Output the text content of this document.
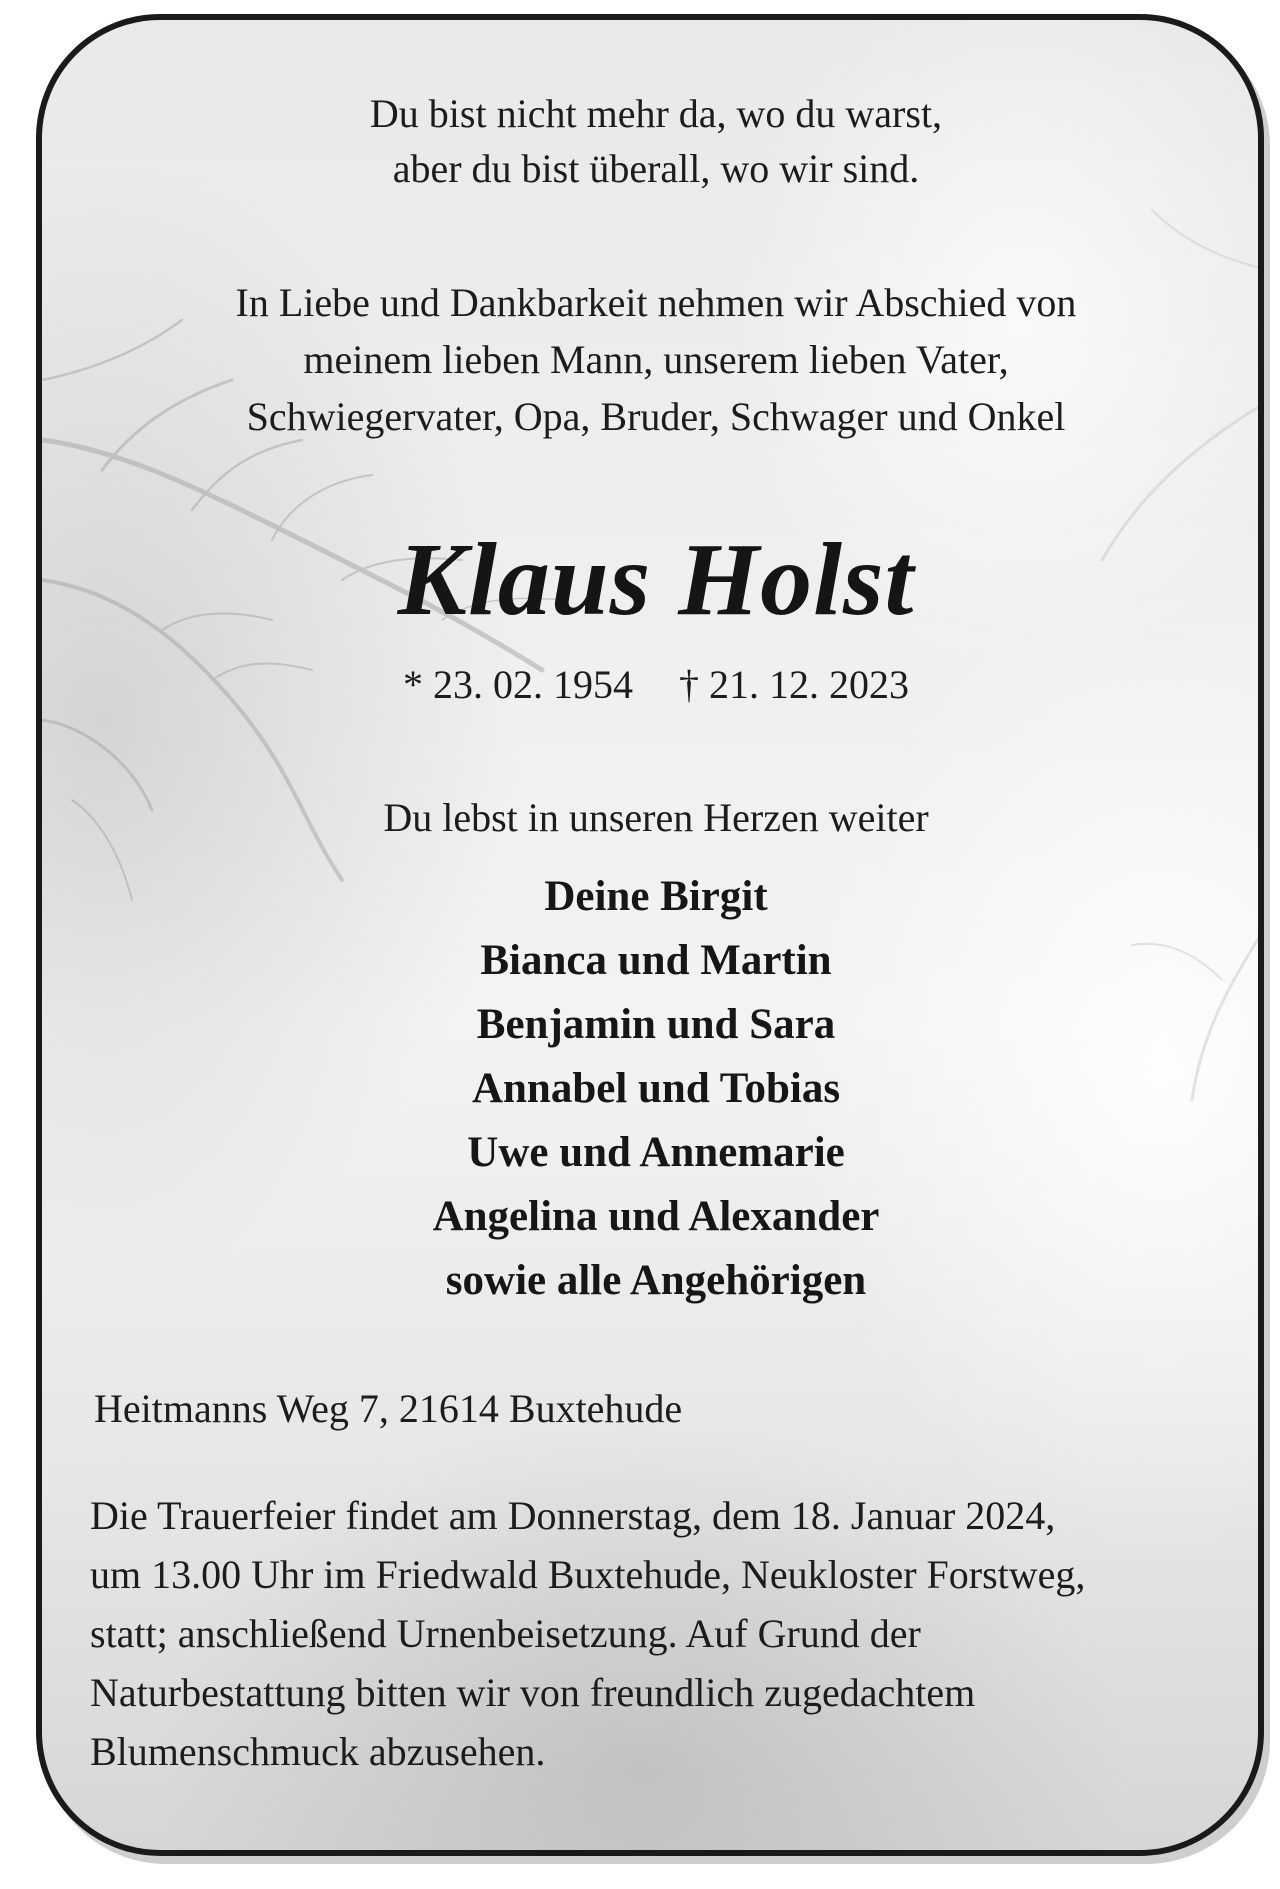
Du bist nicht mehr da, wo du warst,
aber du bist überall, wo wir sind.
In Liebe und Dankbarkeit nehmen wir Abschied von
meinem lieben Mann, unserem lieben Vater,
Schwiegervater, Opa, Bruder, Schwager und Onkel
Klaus Holst
* 23. 02. 1954 † 21. 12. 2023
Du lebst in unseren Herzen weiter
Deine Birgit
Bianca und Martin
Benjamin und Sara
Annabel und Tobias
Uwe und Annemarie
Angelina und Alexander
sowie alle Angehörigen
Heitmanns Weg 7, 21614 Buxtehude
Die Trauerfeier findet am Donnerstag, dem 18. Januar 2024,
um 13.00 Uhr im Friedwald Buxtehude, Neukloster Forstweg,
statt; anschließend Urnenbeisetzung. Auf Grund der
Naturbestattung bitten wir von freundlich zugedachtem
Blumenschmuck abzusehen.
